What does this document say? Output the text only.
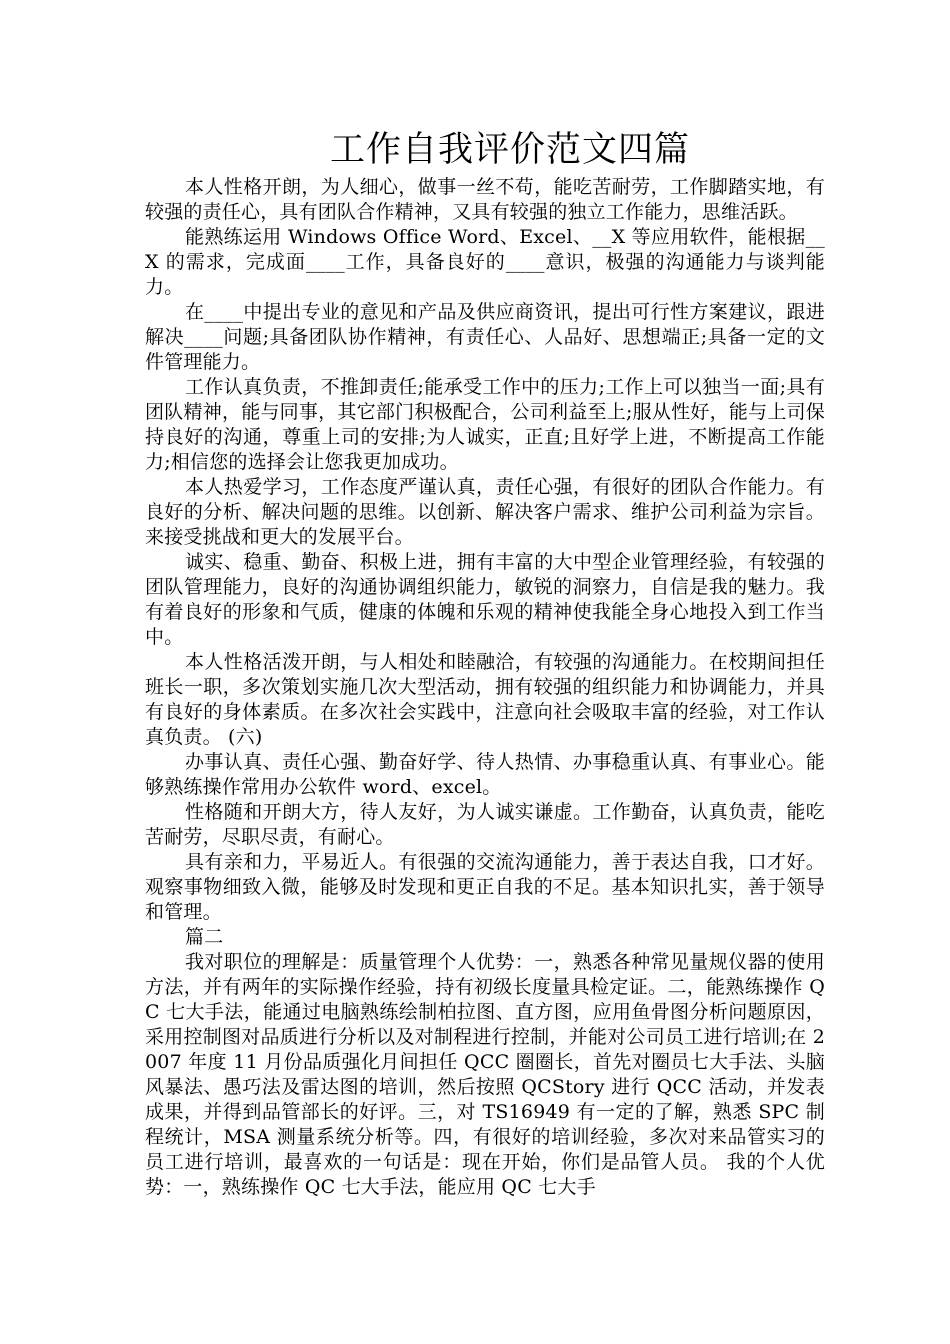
工作自我评价范文四篇

本人性格开朗，为人细心，做事一丝不苟，能吃苦耐劳，工作脚踏实地，有较强的责任心，具有团队合作精神，又具有较强的独立工作能力，思维活跃。

能熟练运用 Windows Office Word、Excel、__X 等应用软件，能根据__X 的需求，完成面____工作，具备良好的____意识，极强的沟通能力与谈判能力。

在____中提出专业的意见和产品及供应商资讯，提出可行性方案建议，跟进解决____问题;具备团队协作精神，有责任心、人品好、思想端正;具备一定的文件管理能力。

工作认真负责，不推卸责任;能承受工作中的压力;工作上可以独当一面;具有团队精神，能与同事，其它部门积极配合，公司利益至上;服从性好，能与上司保持良好的沟通，尊重上司的安排;为人诚实，正直;且好学上进，不断提高工作能力;相信您的选择会让您我更加成功。

本人热爱学习，工作态度严谨认真，责任心强，有很好的团队合作能力。有良好的分析、解决问题的思维。以创新、解决客户需求、维护公司利益为宗旨。来接受挑战和更大的发展平台。

诚实、稳重、勤奋、积极上进，拥有丰富的大中型企业管理经验，有较强的团队管理能力，良好的沟通协调组织能力，敏锐的洞察力，自信是我的魅力。我有着良好的形象和气质，健康的体魄和乐观的精神使我能全身心地投入到工作当中。

本人性格活泼开朗，与人相处和睦融洽，有较强的沟通能力。在校期间担任班长一职，多次策划实施几次大型活动，拥有较强的组织能力和协调能力，并具有良好的身体素质。在多次社会实践中，注意向社会吸取丰富的经验，对工作认真负责。 (六)

办事认真、责任心强、勤奋好学、待人热情、办事稳重认真、有事业心。能够熟练操作常用办公软件 word、excel。

性格随和开朗大方，待人友好，为人诚实谦虚。工作勤奋，认真负责，能吃苦耐劳，尽职尽责，有耐心。

具有亲和力，平易近人。有很强的交流沟通能力，善于表达自我，口才好。观察事物细致入微，能够及时发现和更正自我的不足。基本知识扎实，善于领导和管理。

篇二

我对职位的理解是：质量管理个人优势：一，熟悉各种常见量规仪器的使用方法，并有两年的实际操作经验，持有初级长度量具检定证。二，能熟练操作 QC 七大手法，能通过电脑熟练绘制柏拉图、直方图，应用鱼骨图分析问题原因，采用控制图对品质进行分析以及对制程进行控制，并能对公司员工进行培训;在 2007 年度 11 月份品质强化月间担任 QCC 圈圈长，首先对圈员七大手法、头脑风暴法、愚巧法及雷达图的培训，然后按照 QCStory 进行 QCC 活动，并发表成果，并得到品管部长的好评。三，对 TS16949 有一定的了解，熟悉 SPC 制程统计，MSA 测量系统分析等。四，有很好的培训经验，多次对来品管实习的员工进行培训，最喜欢的一句话是：现在开始，你们是品管人员。 我的个人优势：一，熟练操作 QC 七大手法，能应用 QC 七大手
